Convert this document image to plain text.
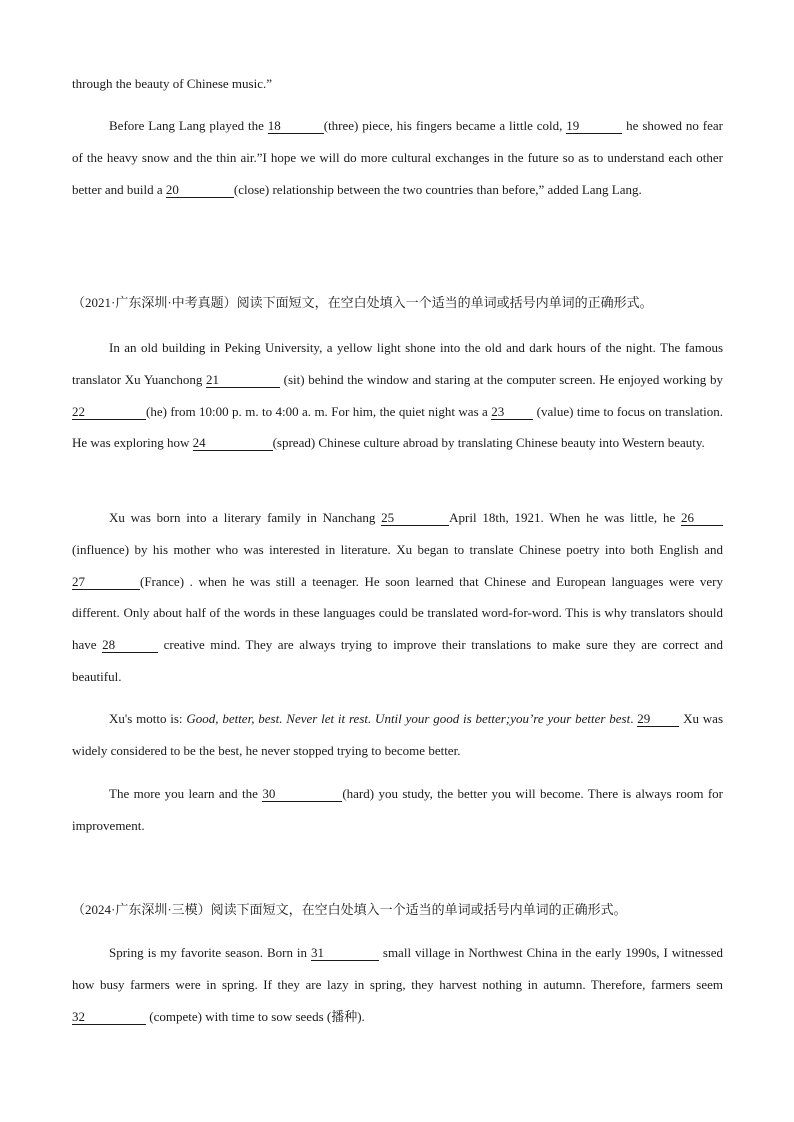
through the beauty of Chinese music.”

Before Lang Lang played the 18	(three) piece, his fingers became a little cold, 19	he showed no fear of the heavy snow and the thin air.”I hope we will do more cultural exchanges in the future so as to understand each other better and build a 20	(close) relationship between the two countries than before,” added Lang Lang.

（2021·广东深圳·中考真题）阅读下面短文，在空白处填入一个适当的单词或括号内单词的正确形式。

In an old building in Peking University, a yellow light shone into the old and dark hours of the night. The famous translator Xu Yuanchong 21	(sit) behind the window and staring at the computer screen. He enjoyed working by 22	(he) from 10:00 p. m. to 4:00 a. m. For him, the quiet night was a 23 (value) time to focus on translation. He was exploring how 24	(spread) Chinese culture abroad by translating Chinese beauty into Western beauty.

Xu was born into a literary family in Nanchang 25	April 18th, 1921. When he was little, he 26 (influence) by his mother who was interested in literature. Xu began to translate Chinese poetry into both English and 27	(France) . when he was still a teenager. He soon learned that Chinese and European languages were very different. Only about half of the words in these languages could be translated word-for-word. This is why translators should have 28	creative mind. They are always trying to improve their translations to make sure they are correct and beautiful.

Xu's motto is: Good, better, best. Never let it rest. Until your good is better;you’re your better best. 29 Xu was widely considered to be the best, he never stopped trying to become better.

The more you learn and the 30	(hard) you study, the better you will become. There is always room for improvement.

（2024·广东深圳·三模）阅读下面短文，在空白处填入一个适当的单词或括号内单词的正确形式。

Spring is my favorite season. Born in 31	small village in Northwest China in the early 1990s, I witnessed how busy farmers were in spring. If they are lazy in spring, they harvest nothing in autumn. Therefore, farmers seem 32	(compete) with time to sow seeds (播种).
